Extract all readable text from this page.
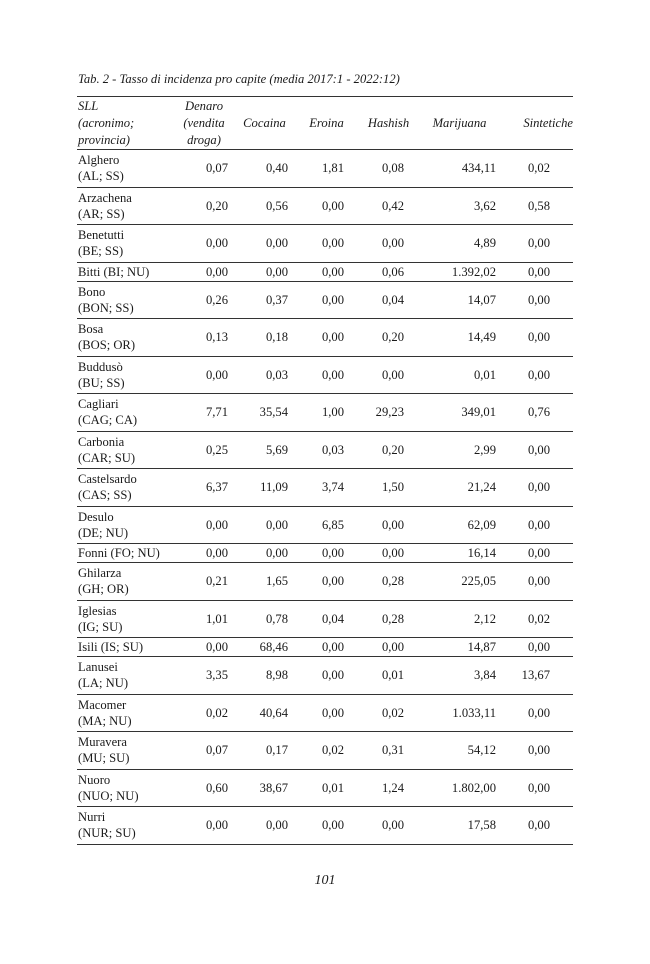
Tab. 2 - Tasso di incidenza pro capite (media 2017:1 - 2022:12)
SLL
(acronimo;
provincia)	Denaro
(vendita
droga)	Cocaina	Eroina	Hashish	Marijuana	Sintetiche
Alghero
(AL; SS)	0,07	0,40	1,81	0,08	434,11	0,02
Arzachena
(AR; SS)	0,20	0,56	0,00	0,42	3,62	0,58
Benetutti
(BE; SS)	0,00	0,00	0,00	0,00	4,89	0,00
Bitti (BI; NU)	0,00	0,00	0,00	0,06	1.392,02	0,00
Bono
(BON; SS)	0,26	0,37	0,00	0,04	14,07	0,00
Bosa
(BOS; OR)	0,13	0,18	0,00	0,20	14,49	0,00
Buddusò
(BU; SS)	0,00	0,03	0,00	0,00	0,01	0,00
Cagliari
(CAG; CA)	7,71	35,54	1,00	29,23	349,01	0,76
Carbonia
(CAR; SU)	0,25	5,69	0,03	0,20	2,99	0,00
Castelsardo
(CAS; SS)	6,37	11,09	3,74	1,50	21,24	0,00
Desulo
(DE; NU)	0,00	0,00	6,85	0,00	62,09	0,00
Fonni (FO; NU)	0,00	0,00	0,00	0,00	16,14	0,00
Ghilarza
(GH; OR)	0,21	1,65	0,00	0,28	225,05	0,00
Iglesias
(IG; SU)	1,01	0,78	0,04	0,28	2,12	0,02
Isili (IS; SU)	0,00	68,46	0,00	0,00	14,87	0,00
Lanusei
(LA; NU)	3,35	8,98	0,00	0,01	3,84	13,67
Macomer
(MA; NU)	0,02	40,64	0,00	0,02	1.033,11	0,00
Muravera
(MU; SU)	0,07	0,17	0,02	0,31	54,12	0,00
Nuoro
(NUO; NU)	0,60	38,67	0,01	1,24	1.802,00	0,00
Nurri
(NUR; SU)	0,00	0,00	0,00	0,00	17,58	0,00
101
